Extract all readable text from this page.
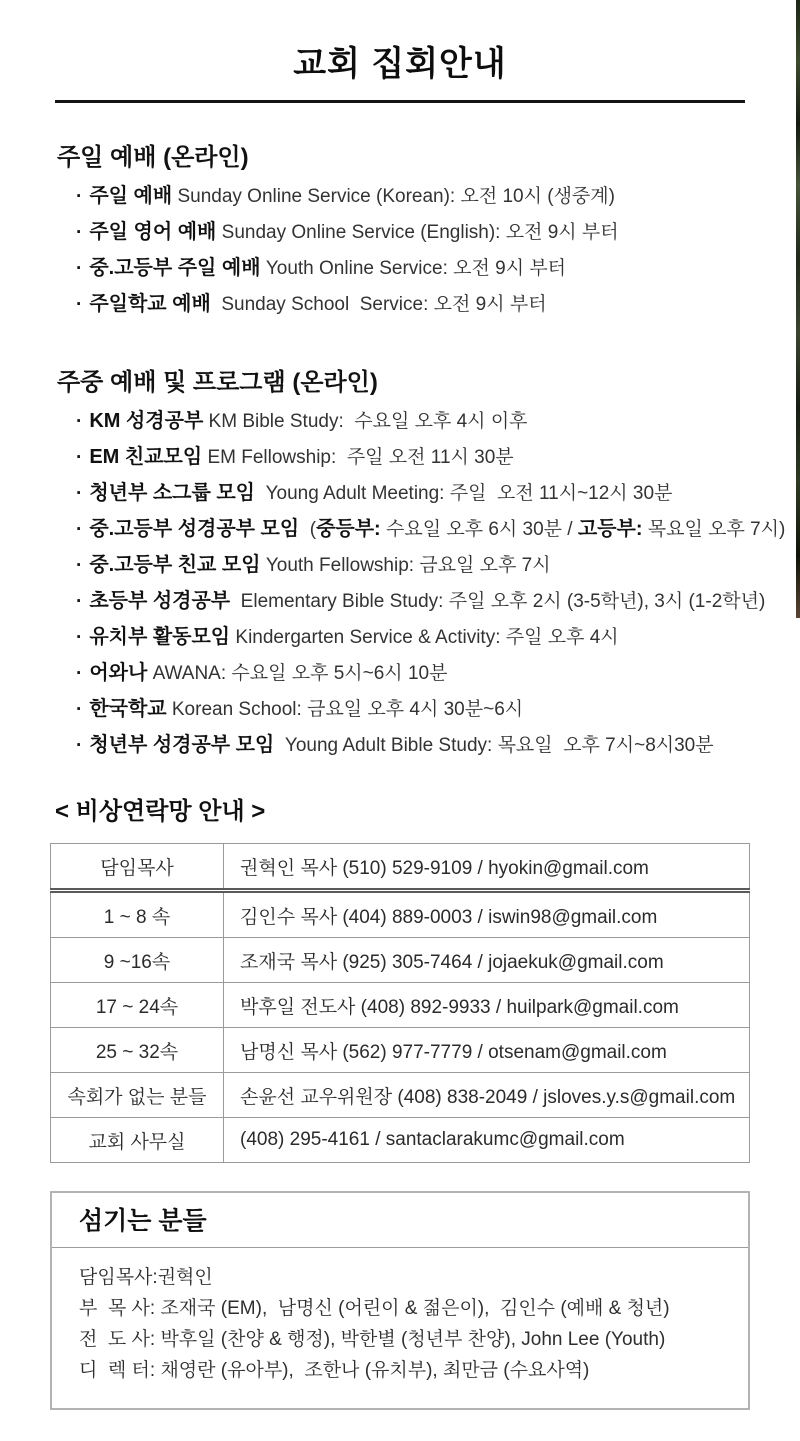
교회 집회안내
주일 예배 (온라인)
· 주일 예배 Sunday Online Service (Korean): 오전 10시 (생중계)
· 주일 영어 예배 Sunday Online Service (English): 오전 9시 부터
· 중.고등부 주일 예배 Youth Online Service: 오전 9시 부터
· 주일학교 예배  Sunday School  Service: 오전 9시 부터
주중 예배 및 프로그램 (온라인)
· KM 성경공부 KM Bible Study:  수요일 오후 4시 이후
· EM 친교모임 EM Fellowship:  주일 오전 11시 30분
· 청년부 소그룹 모임  Young Adult Meeting: 주일  오전 11시~12시 30분
· 중.고등부 성경공부 모임  (중등부: 수요일 오후 6시 30분 / 고등부: 목요일 오후 7시)
· 중.고등부 친교 모임 Youth Fellowship: 금요일 오후 7시
· 초등부 성경공부  Elementary Bible Study: 주일 오후 2시 (3-5학년), 3시 (1-2학년)
· 유치부 활동모임 Kindergarten Service & Activity: 주일 오후 4시
· 어와나 AWANA: 수요일 오후 5시~6시 10분
· 한국학교 Korean School: 금요일 오후 4시 30분~6시
· 청년부 성경공부 모임  Young Adult Bible Study: 목요일  오후 7시~8시30분
< 비상연락망 안내 >
담임목사	권혁인 목사 (510) 529-9109 / hyokin@gmail.com
1 ~ 8 속	김인수 목사 (404) 889-0003 / iswin98@gmail.com
9 ~16속	조재국 목사 (925) 305-7464 / jojaekuk@gmail.com
17 ~ 24속	박후일 전도사 (408) 892-9933 / huilpark@gmail.com
25 ~ 32속	남명신 목사 (562) 977-7779 / otsenam@gmail.com
속회가 없는 분들	손윤선 교우위원장 (408) 838-2049 / jsloves.y.s@gmail.com
교회 사무실	(408) 295-4161 / santaclarakumc@gmail.com
섬기는 분들
담임목사:권혁인
부  목 사: 조재국 (EM),  남명신 (어린이 & 젊은이),  김인수 (예배 & 청년)
전  도 사: 박후일 (찬양 & 행정), 박한별 (청년부 찬양), John Lee (Youth)
디  렉 터: 채영란 (유아부),  조한나 (유치부), 최만금 (수요사역)
